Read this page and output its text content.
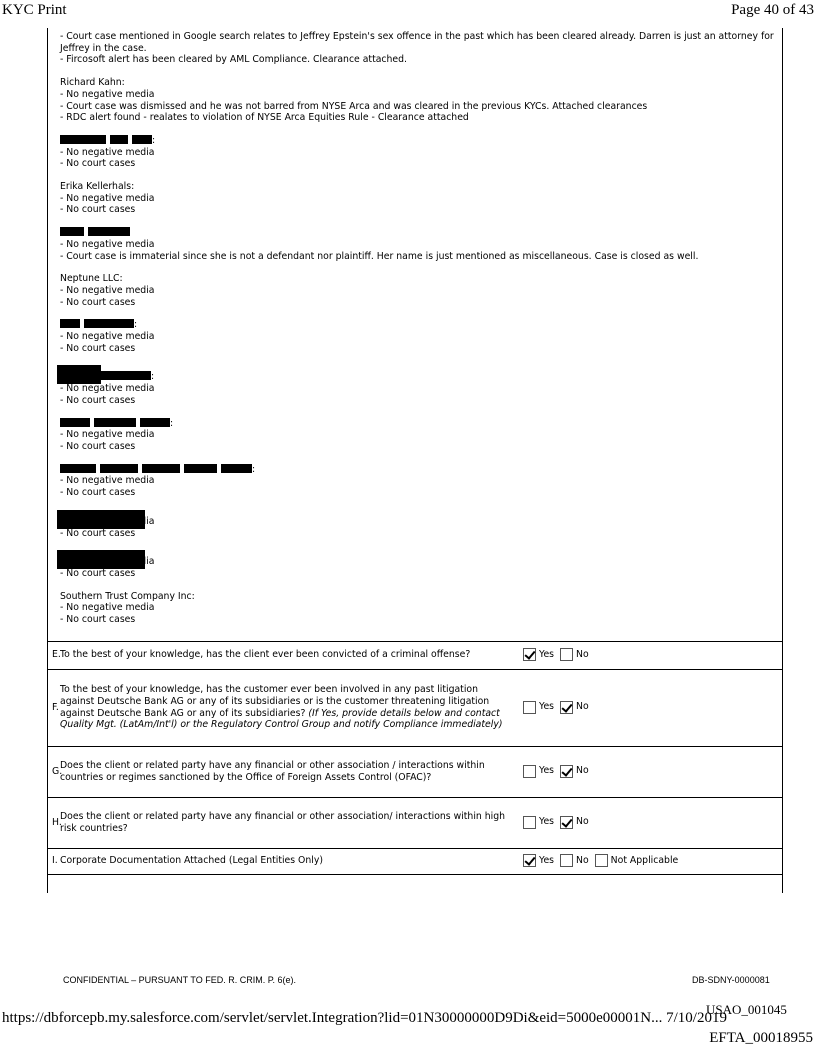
KYC Print	Page 40 of 43
- Court case mentioned in Google search relates to Jeffrey Epstein's sex offence in the past which has been cleared already. Darren is just an attorney for
Jeffrey in the case.
- Fircosoft alert has been cleared by AML Compliance. Clearance attached.
Richard Kahn:
- No negative media
- Court case was dismissed and he was not barred from NYSE Arca and was cleared in the previous KYCs. Attached clearances
- RDC alert found - realates to violation of NYSE Arca Equities Rule - Clearance attached
:
- No negative media
- No court cases
Erika Kellerhals:
- No negative media
- No court cases
- No negative media
- Court case is immaterial since she is not a defendant nor plaintiff. Her name is just mentioned as miscellaneous. Case is closed as well.
Neptune LLC:
- No negative media
- No court cases
:
- No negative media
- No court cases
:
- No negative media
- No court cases
:
- No negative media
- No court cases
:
- No negative media
- No court cases
- No negative media
- No court cases
- No negative media
- No court cases
Southern Trust Company Inc:
- No negative media
- No court cases
E. To the best of your knowledge, has the client ever been convicted of a criminal offense?	Yes No
F.
To the best of your knowledge, has the customer ever been involved in any past litigation against Deutsche Bank AG or any of its subsidiaries or is the customer threatening litigation against Deutsche Bank AG or any of its subsidiaries? (If Yes, provide details below and contact Quality Mgt. (LatAm/Int'l) or the Regulatory Control Group and notify Compliance immediately)
Yes No
G.
Does the client or related party have any financial or other association / interactions within countries or regimes sanctioned by the Office of Foreign Assets Control (OFAC)?
Yes No
H.
Does the client or related party have any financial or other association/ interactions within high risk countries?
Yes No
I. Corporate Documentation Attached (Legal Entities Only)	Yes No Not Applicable
CONFIDENTIAL – PURSUANT TO FED. R. CRIM. P. 6(e).	DB-SDNY-0000081
USAO_001045
https://dbforcepb.my.salesforce.com/servlet/servlet.Integration?lid=01N30000000D9Di&eid=5000e00001N... 7/10/2019
EFTA_00018955
